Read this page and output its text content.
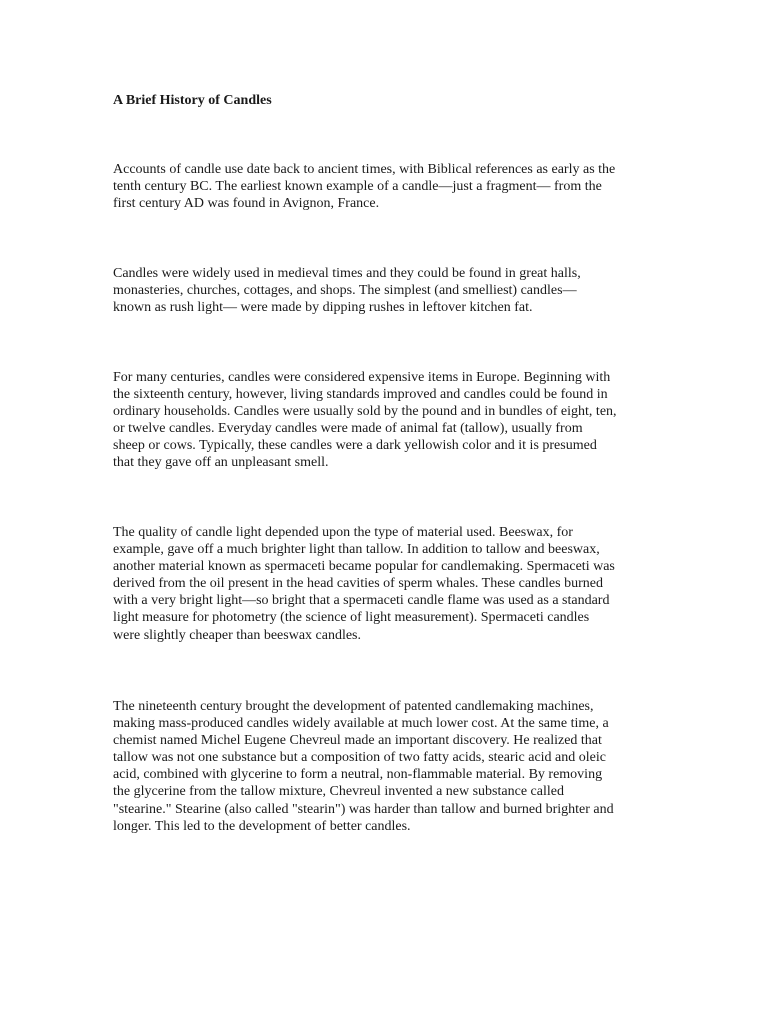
A Brief History of Candles
Accounts of candle use date back to ancient times, with Biblical references as early as the
tenth century BC. The earliest known example of a candle—just a fragment— from the
first century AD was found in Avignon, France.
Candles were widely used in medieval times and they could be found in great halls,
monasteries, churches, cottages, and shops. The simplest (and smelliest) candles—
known as rush light— were made by dipping rushes in leftover kitchen fat.
For many centuries, candles were considered expensive items in Europe. Beginning with
the sixteenth century, however, living standards improved and candles could be found in
ordinary households. Candles were usually sold by the pound and in bundles of eight, ten,
or twelve candles. Everyday candles were made of animal fat (tallow), usually from
sheep or cows. Typically, these candles were a dark yellowish color and it is presumed
that they gave off an unpleasant smell.
The quality of candle light depended upon the type of material used. Beeswax, for
example, gave off a much brighter light than tallow. In addition to tallow and beeswax,
another material known as spermaceti became popular for candlemaking. Spermaceti was
derived from the oil present in the head cavities of sperm whales. These candles burned
with a very bright light—so bright that a spermaceti candle flame was used as a standard
light measure for photometry (the science of light measurement). Spermaceti candles
were slightly cheaper than beeswax candles.
The nineteenth century brought the development of patented candlemaking machines,
making mass-produced candles widely available at much lower cost. At the same time, a
chemist named Michel Eugene Chevreul made an important discovery. He realized that
tallow was not one substance but a composition of two fatty acids, stearic acid and oleic
acid, combined with glycerine to form a neutral, non-flammable material. By removing
the glycerine from the tallow mixture, Chevreul invented a new substance called
"stearine." Stearine (also called "stearin") was harder than tallow and burned brighter and
longer. This led to the development of better candles.
